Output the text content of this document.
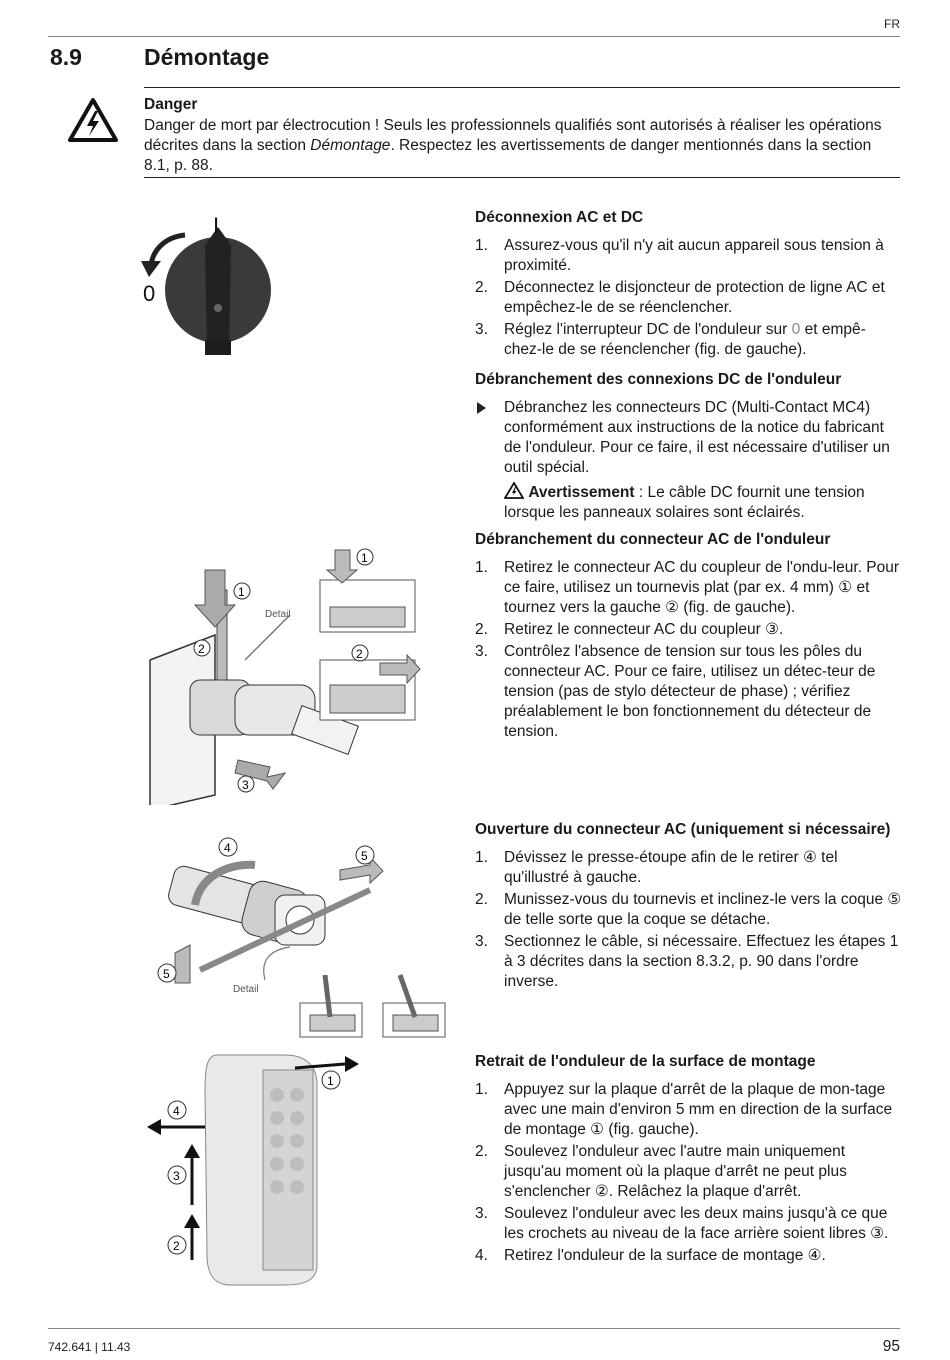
FR
8.9	Démontage
Danger
Danger de mort par électrocution ! Seuls les professionnels qualifiés sont autorisés à réaliser les opérations décrites dans la section Démontage. Respectez les avertissements de danger mentionnés dans la section 8.1, p. 88.
I
0
1
2
3
Detail
1
2
4
5
5
Detail
1
4
3
2
Déconnexion AC et DC
1. Assurez-vous qu'il n'y ait aucun appareil sous tension à proximité.
2. Déconnectez le disjoncteur de protection de ligne AC et empêchez-le de se réenclencher.
3. Réglez l'interrupteur DC de l'onduleur sur 0 et empê-chez-le de se réenclencher (fig. de gauche).
Débranchement des connexions DC de l'onduleur
Débranchez les connecteurs DC (Multi-Contact MC4) conformément aux instructions de la notice du fabricant de l'onduleur. Pour ce faire, il est nécessaire d'utiliser un outil spécial.
Avertissement : Le câble DC fournit une tension lorsque les panneaux solaires sont éclairés.
Débranchement du connecteur AC de l'onduleur
1. Retirez le connecteur AC du coupleur de l'ondu-leur. Pour ce faire, utilisez un tournevis plat (par ex. 4 mm) ① et tournez vers la gauche ② (fig. de gauche).
2. Retirez le connecteur AC du coupleur ③.
3. Contrôlez l'absence de tension sur tous les pôles du connecteur AC. Pour ce faire, utilisez un détec-teur de tension (pas de stylo détecteur de phase) ; vérifiez préalablement le bon fonctionnement du détecteur de tension.
Ouverture du connecteur AC (uniquement si nécessaire)
1. Dévissez le presse-étoupe afin de le retirer ④ tel qu'illustré à gauche.
2. Munissez-vous du tournevis et inclinez-le vers la coque ⑤ de telle sorte que la coque se détache.
3. Sectionnez le câble, si nécessaire. Effectuez les étapes 1 à 3 décrites dans la section 8.3.2, p. 90 dans l'ordre inverse.
Retrait de l'onduleur de la surface de montage
1. Appuyez sur la plaque d'arrêt de la plaque de mon-tage avec une main d'environ 5 mm en direction de la surface de montage ① (fig. gauche).
2. Soulevez l'onduleur avec l'autre main uniquement jusqu'au moment où la plaque d'arrêt ne peut plus s'enclencher ②. Relâchez la plaque d'arrêt.
3. Soulevez l'onduleur avec les deux mains jusqu'à ce que les crochets au niveau de la face arrière soient libres ③.
4. Retirez l'onduleur de la surface de montage ④.
742.641 | 11.43	95
